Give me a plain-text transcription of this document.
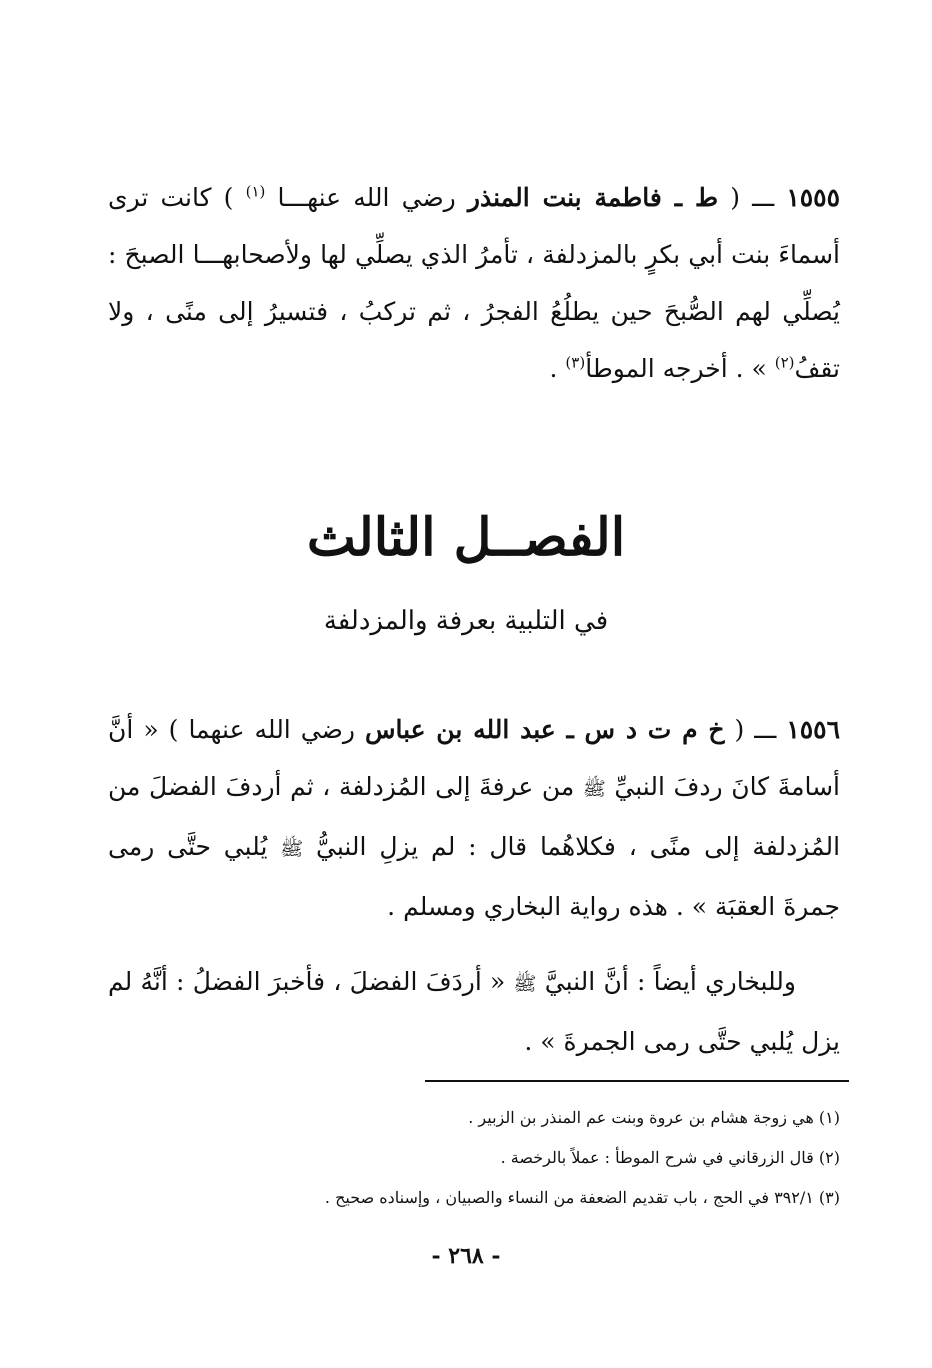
١٥٥٥ ـــ ( ط ـ فاطمة بنت المنذر رضي الله عنهـــا $^{(١)}$ ) كانت ترى أسماءَ بنت أبي بكرٍ بالمزدلفة ، تأمرُ الذي يصلِّي لها ولأصحابهـــا الصبحَ : يُصلِّي لهم الصُّبحَ حين يطلُعُ الفجرُ ، ثم تركبُ ، فتسيرُ إلى منًى ، ولا تقفُ$^{(٢)}$ » . أخرجه الموطأ$^{(٣)}$ .

الفصــل الثالث
في التلبية بعرفة والمزدلفة

١٥٥٦ ـــ ( خ م ت د س ـ عبد الله بن عباس رضي الله عنهما ) « أنَّ أسامةَ كانَ ردفَ النبيِّ ﷺ من عرفةَ إلى المُزدلفة ، ثم أردفَ الفضلَ من المُزدلفة إلى منًى ، فكلاهُما قال : لم يزلِ النبيُّ ﷺ يُلبي حتَّى رمى جمرةَ العقبَة » . هذه رواية البخاري ومسلم .

وللبخاري أيضاً : أنَّ النبيَّ ﷺ « أردَفَ الفضلَ ، فأخبرَ الفضلُ : أنَّهُ لم يزل يُلبي حتَّى رمى الجمرةَ » .

(١) هي زوجة هشام بن عروة وبنت عم المنذر بن الزبير .

(٢) قال الزرقاني في شرح الموطأ : عملاً بالرخصة .

(٣) ٣٩٢/١ في الحج ، باب تقديم الضعفة من النساء والصبيان ، وإسناده صحيح .

- ٢٦٨ -
